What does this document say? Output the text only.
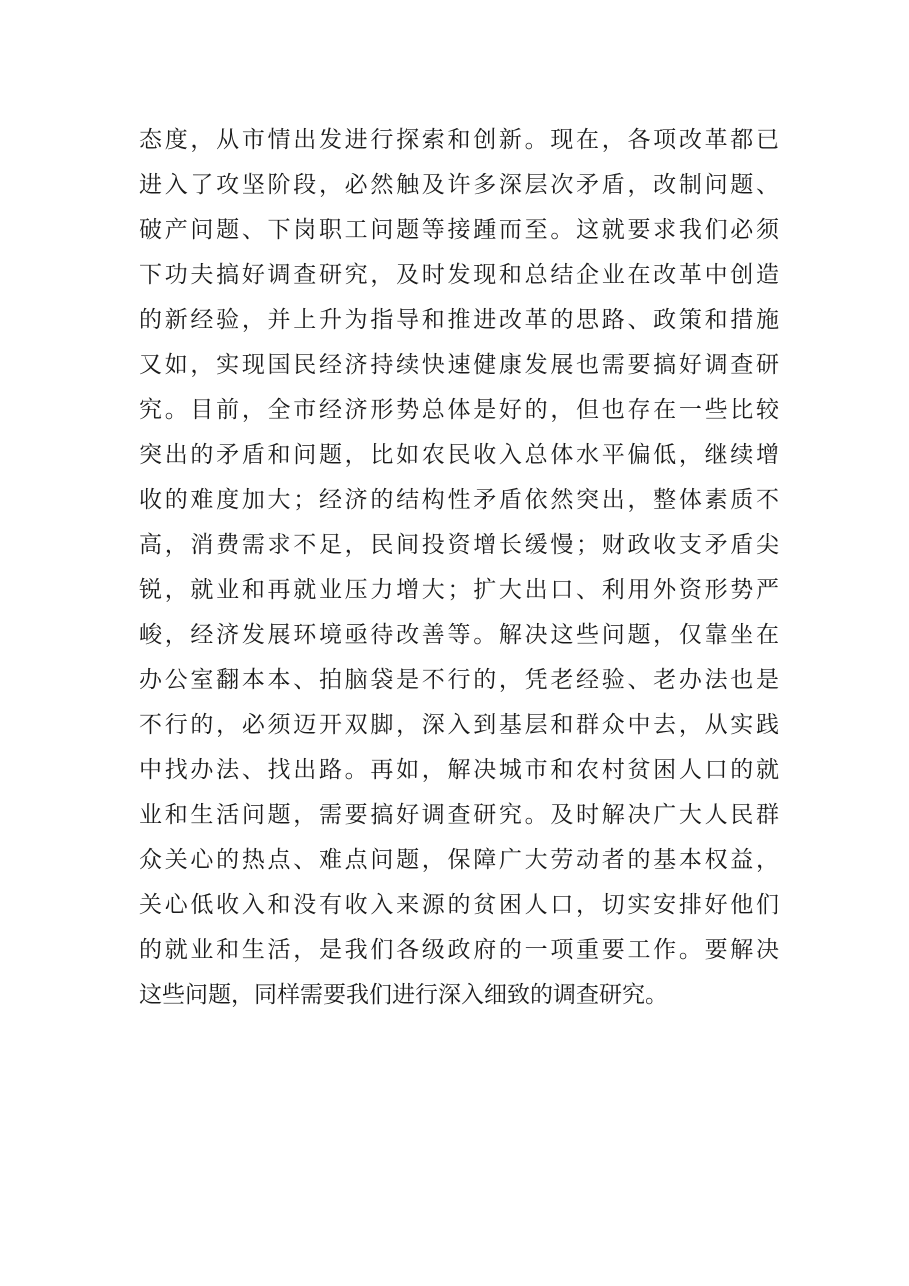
态度，从市情出发进行探索和创新。现在，各项改革都已
进入了攻坚阶段，必然触及许多深层次矛盾，改制问题、
破产问题、下岗职工问题等接踵而至。这就要求我们必须
下功夫搞好调查研究，及时发现和总结企业在改革中创造
的新经验，并上升为指导和推进改革的思路、政策和措施
又如，实现国民经济持续快速健康发展也需要搞好调查研
究。目前，全市经济形势总体是好的，但也存在一些比较
突出的矛盾和问题，比如农民收入总体水平偏低，继续增
收的难度加大；经济的结构性矛盾依然突出，整体素质不
高，消费需求不足，民间投资增长缓慢；财政收支矛盾尖
锐，就业和再就业压力增大；扩大出口、利用外资形势严
峻，经济发展环境亟待改善等。解决这些问题，仅靠坐在
办公室翻本本、拍脑袋是不行的，凭老经验、老办法也是
不行的，必须迈开双脚，深入到基层和群众中去，从实践
中找办法、找出路。再如，解决城市和农村贫困人口的就
业和生活问题，需要搞好调查研究。及时解决广大人民群
众关心的热点、难点问题，保障广大劳动者的基本权益，
关心低收入和没有收入来源的贫困人口，切实安排好他们
的就业和生活，是我们各级政府的一项重要工作。要解决
这些问题，同样需要我们进行深入细致的调查研究。
